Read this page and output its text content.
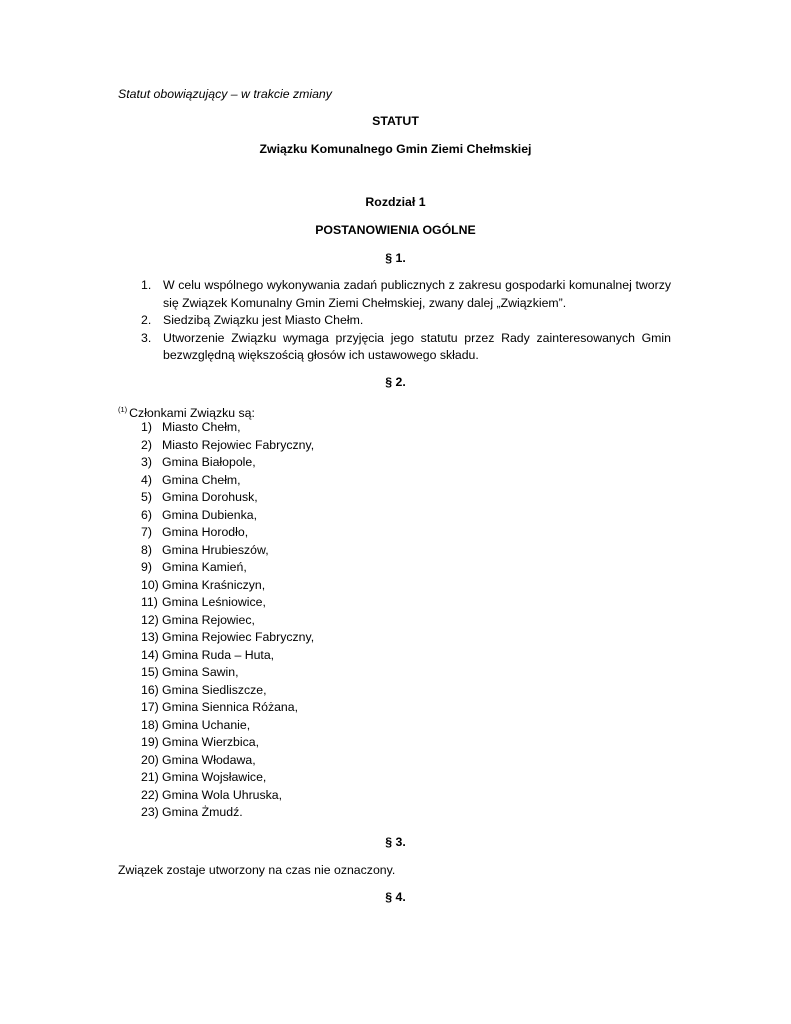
Statut obowiązujący – w trakcie zmiany
STATUT
Związku Komunalnego Gmin Ziemi Chełmskiej
Rozdział 1
POSTANOWIENIA OGÓLNE
§ 1.
1. W celu wspólnego wykonywania zadań publicznych z zakresu gospodarki komunalnej tworzy się Związek Komunalny Gmin Ziemi Chełmskiej, zwany dalej „Związkiem”.
2. Siedzibą Związku jest Miasto Chełm.
3. Utworzenie Związku wymaga przyjęcia jego statutu przez Rady zainteresowanych Gmin bezwzględną większością głosów ich ustawowego składu.
§ 2.
$^{(1)}$ Członkami Związku są:
1) Miasto Chełm,
2) Miasto Rejowiec Fabryczny,
3) Gmina Białopole,
4) Gmina Chełm,
5) Gmina Dorohusk,
6) Gmina Dubienka,
7) Gmina Horodło,
8) Gmina Hrubieszów,
9) Gmina Kamień,
10) Gmina Kraśniczyn,
11) Gmina Leśniowice,
12) Gmina Rejowiec,
13) Gmina Rejowiec Fabryczny,
14) Gmina Ruda – Huta,
15) Gmina Sawin,
16) Gmina Siedliszcze,
17) Gmina Siennica Różana,
18) Gmina Uchanie,
19) Gmina Wierzbica,
20) Gmina Włodawa,
21) Gmina Wojsławice,
22) Gmina Wola Uhruska,
23) Gmina Żmudź.
§ 3.
Związek zostaje utworzony na czas nie oznaczony.
§ 4.
